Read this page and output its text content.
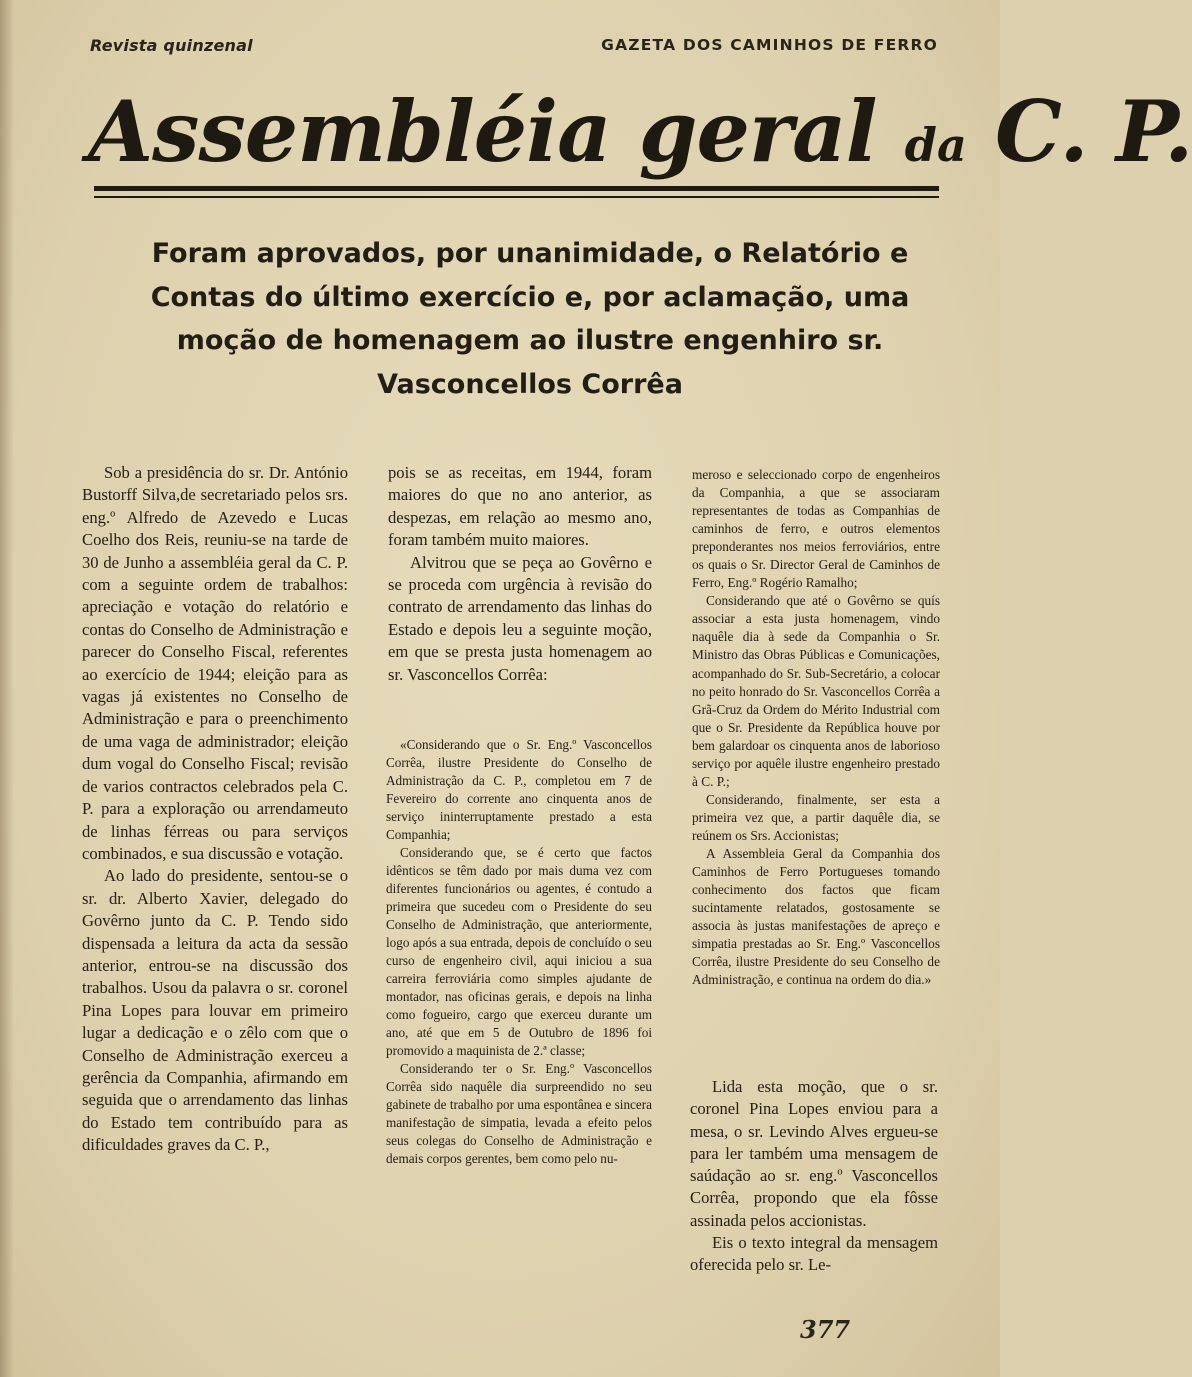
Revista quinzenal	GAZETA DOS CAMINHOS DE FERRO
Assembléia geral da C. P.
Foram aprovados, por unanimidade, o Relatório e Contas do último exercício e, por aclamação, uma moção de homenagem ao ilustre engenhiro sr. Vasconcellos Corrêa

Sob a presidência do sr. Dr. António Bustorff Silva,de secretariado pelos srs. eng.º Alfredo de Azevedo e Lucas Coelho dos Reis, reuniu-se na tarde de 30 de Junho a assembléia geral da C. P. com a seguinte ordem de trabalhos: apreciação e votação do relatório e contas do Conselho de Administração e parecer do Conselho Fiscal, referentes ao exercício de 1944; eleição para as vagas já existentes no Conselho de Administração e para o preenchimento de uma vaga de administrador; eleição dum vogal do Conselho Fiscal; revisão de varios contractos celebrados pela C. P. para a exploração ou arrendameuto de linhas férreas ou para serviços combinados, e sua discussão e votação.

Ao lado do presidente, sentou-se o sr. dr. Alberto Xavier, delegado do Govêrno junto da C. P. Tendo sido dispensada a leitura da acta da sessão anterior, entrou-se na discussão dos trabalhos. Usou da palavra o sr. coronel Pina Lopes para louvar em primeiro lugar a dedicação e o zêlo com que o Conselho de Administração exerceu a gerência da Companhia, afirmando em seguida que o arrendamento das linhas do Estado tem contribuído para as dificuldades graves da C. P.,

pois se as receitas, em 1944, foram maiores do que no ano anterior, as despezas, em relação ao mesmo ano, foram também muito maiores.

Alvitrou que se peça ao Govêrno e se proceda com urgência à revisão do contrato de arrendamento das linhas do Estado e depois leu a seguinte moção, em que se presta justa homenagem ao sr. Vasconcellos Corrêa:

«Considerando que o Sr. Eng.º Vasconcellos Corrêa, ilustre Presidente do Conselho de Administração da C. P., completou em 7 de Fevereiro do corrente ano cinquenta anos de serviço ininterruptamente prestado a esta Companhia;

Considerando que, se é certo que factos idênticos se têm dado por mais duma vez com diferentes funcionários ou agentes, é contudo a primeira que sucedeu com o Presidente do seu Conselho de Administração, que anteriormente, logo após a sua entrada, depois de concluído o seu curso de engenheiro civil, aqui iniciou a sua carreira ferroviária como simples ajudante de montador, nas oficinas gerais, e depois na linha como fogueiro, cargo que exerceu durante um ano, até que em 5 de Outubro de 1896 foi promovido a maquinista de 2.ª classe;

Considerando ter o Sr. Eng.º Vasconcellos Corrêa sido naquêle dia surpreendido no seu gabinete de trabalho por uma espontânea e sincera manifestação de simpatia, levada a efeito pelos seus colegas do Conselho de Administração e demais corpos gerentes, bem como pelo nu-

meroso e seleccionado corpo de engenheiros da Companhia, a que se associaram representantes de todas as Companhias de caminhos de ferro, e outros elementos preponderantes nos meios ferroviários, entre os quais o Sr. Director Geral de Caminhos de Ferro, Eng.º Rogério Ramalho;

Considerando que até o Govêrno se quís associar a esta justa homenagem, vindo naquêle dia à sede da Companhia o Sr. Ministro das Obras Públicas e Comunicações, acompanhado do Sr. Sub-Secretário, a colocar no peito honrado do Sr. Vasconcellos Corrêa a Grã-Cruz da Ordem do Mérito Industrial com que o Sr. Presidente da República houve por bem galardoar os cinquenta anos de laborioso serviço por aquêle ilustre engenheiro prestado à C. P.;

Considerando, finalmente, ser esta a primeira vez que, a partir daquêle dia, se reúnem os Srs. Accionistas;

A Assembleia Geral da Companhia dos Caminhos de Ferro Portugueses tomando conhecimento dos factos que ficam sucintamente relatados, gostosamente se associa às justas manifestações de apreço e simpatia prestadas ao Sr. Eng.º Vasconcellos Corrêa, ilustre Presidente do seu Conselho de Administração, e continua na ordem do dia.»

Lida esta moção, que o sr. coronel Pina Lopes enviou para a mesa, o sr. Levindo Alves ergueu-se para ler também uma mensagem de saúdação ao sr. eng.º Vasconcellos Corrêa, propondo que ela fôsse assinada pelos accionistas.

Eis o texto integral da mensagem oferecida pelo sr. Le-

377
